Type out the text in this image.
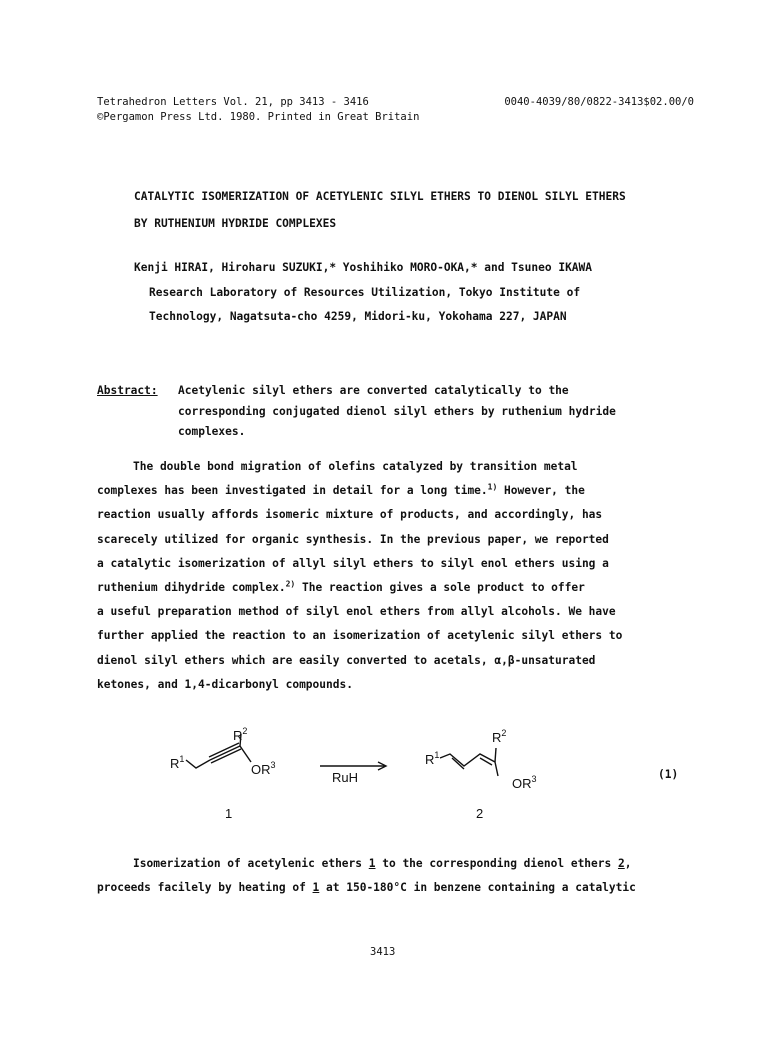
Tetrahedron Letters Vol. 21, pp 3413 - 3416
©Pergamon Press Ltd. 1980. Printed in Great Britain
0040-4039/80/0822-3413$02.00/0
CATALYTIC ISOMERIZATION OF ACETYLENIC SILYL ETHERS TO DIENOL SILYL ETHERS
BY RUTHENIUM HYDRIDE COMPLEXES
Kenji HIRAI, Hiroharu SUZUKI,* Yoshihiko MORO-OKA,* and Tsuneo IKAWA
Research Laboratory of Resources Utilization, Tokyo Institute of
Technology, Nagatsuta-cho 4259, Midori-ku, Yokohama 227, JAPAN
Abstract: Acetylenic silyl ethers are converted catalytically to the
corresponding conjugated dienol silyl ethers by ruthenium hydride
complexes.
The double bond migration of olefins catalyzed by transition metal
complexes has been investigated in detail for a long time.$^{1)}$ However, the
reaction usually affords isomeric mixture of products, and accordingly, has
scarecely utilized for organic synthesis. In the previous paper, we reported
a catalytic isomerization of allyl silyl ethers to silyl enol ethers using a
ruthenium dihydride complex.$^{2)}$ The reaction gives a sole product to offer
a useful preparation method of silyl enol ethers from allyl alcohols. We have
further applied the reaction to an isomerization of acetylenic silyl ethers to
dienol silyl ethers which are easily converted to acetals, α,β-unsaturated
ketones, and 1,4-dicarbonyl compounds.
$R^1$
$R^2$
$OR^3$
1
RuH
$R^1$
$R^2$
$OR^3$
2
(1)
Isomerization of acetylenic ethers 1 to the corresponding dienol ethers 2,
proceeds facilely by heating of 1 at 150-180°C in benzene containing a catalytic
3413
